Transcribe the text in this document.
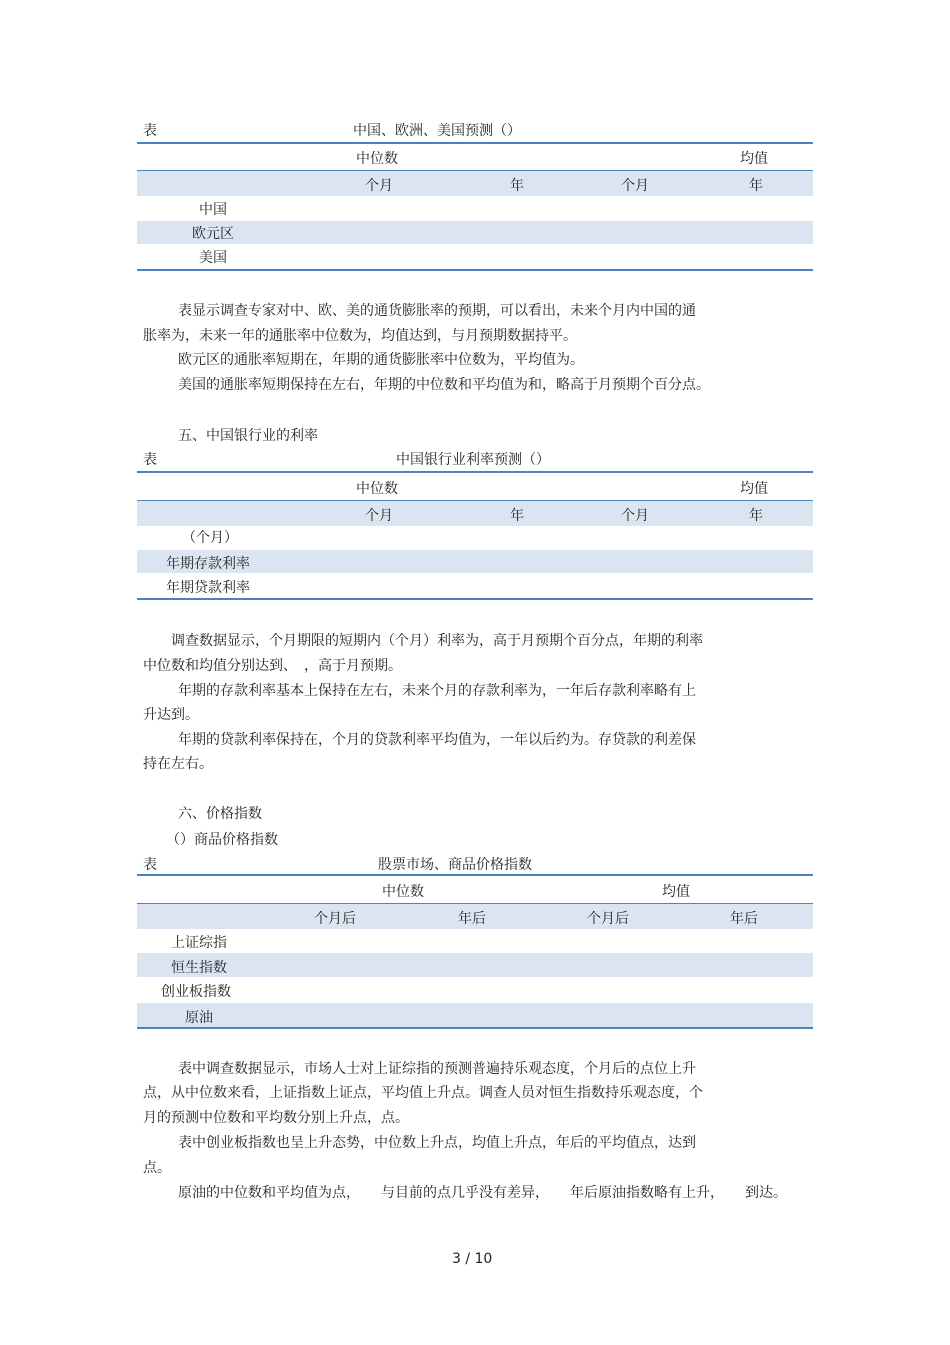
表	中国、欧洲、美国预测（）
中位数	均值
个月	年	个月	年
中国
欧元区
美国
表显示调查专家对中、欧、美的通货膨胀率的预期，可以看出，未来个月内中国的通
胀率为，未来一年的通胀率中位数为，均值达到，与月预期数据持平。
欧元区的通胀率短期在，年期的通货膨胀率中位数为，平均值为。
美国的通胀率短期保持在左右，年期的中位数和平均值为和，略高于月预期个百分点。
五、中国银行业的利率
表	中国银行业利率预测（）
中位数	均值
个月	年	个月	年
（个月）
年期存款利率
年期贷款利率
调查数据显示，个月期限的短期内（个月）利率为，高于月预期个百分点，年期的利率
中位数和均值分别达到、　，高于月预期。
年期的存款利率基本上保持在左右，未来个月的存款利率为，一年后存款利率略有上
升达到。
年期的贷款利率保持在，个月的贷款利率平均值为，一年以后约为。存贷款的利差保
持在左右。
六、价格指数
（）商品价格指数
表	股票市场、商品价格指数
中位数	均值
个月后	年后	个月后	年后
上证综指
恒生指数
创业板指数
原油
表中调查数据显示，市场人士对上证综指的预测普遍持乐观态度，个月后的点位上升
点，从中位数来看，上证指数上证点，平均值上升点。调查人员对恒生指数持乐观态度，个
月的预测中位数和平均数分别上升点，点。
表中创业板指数也呈上升态势，中位数上升点，均值上升点，年后的平均值点，达到
点。
原油的中位数和平均值为点，　　与目前的点几乎没有差异，　　年后原油指数略有上升，　　到达。
3 / 10
